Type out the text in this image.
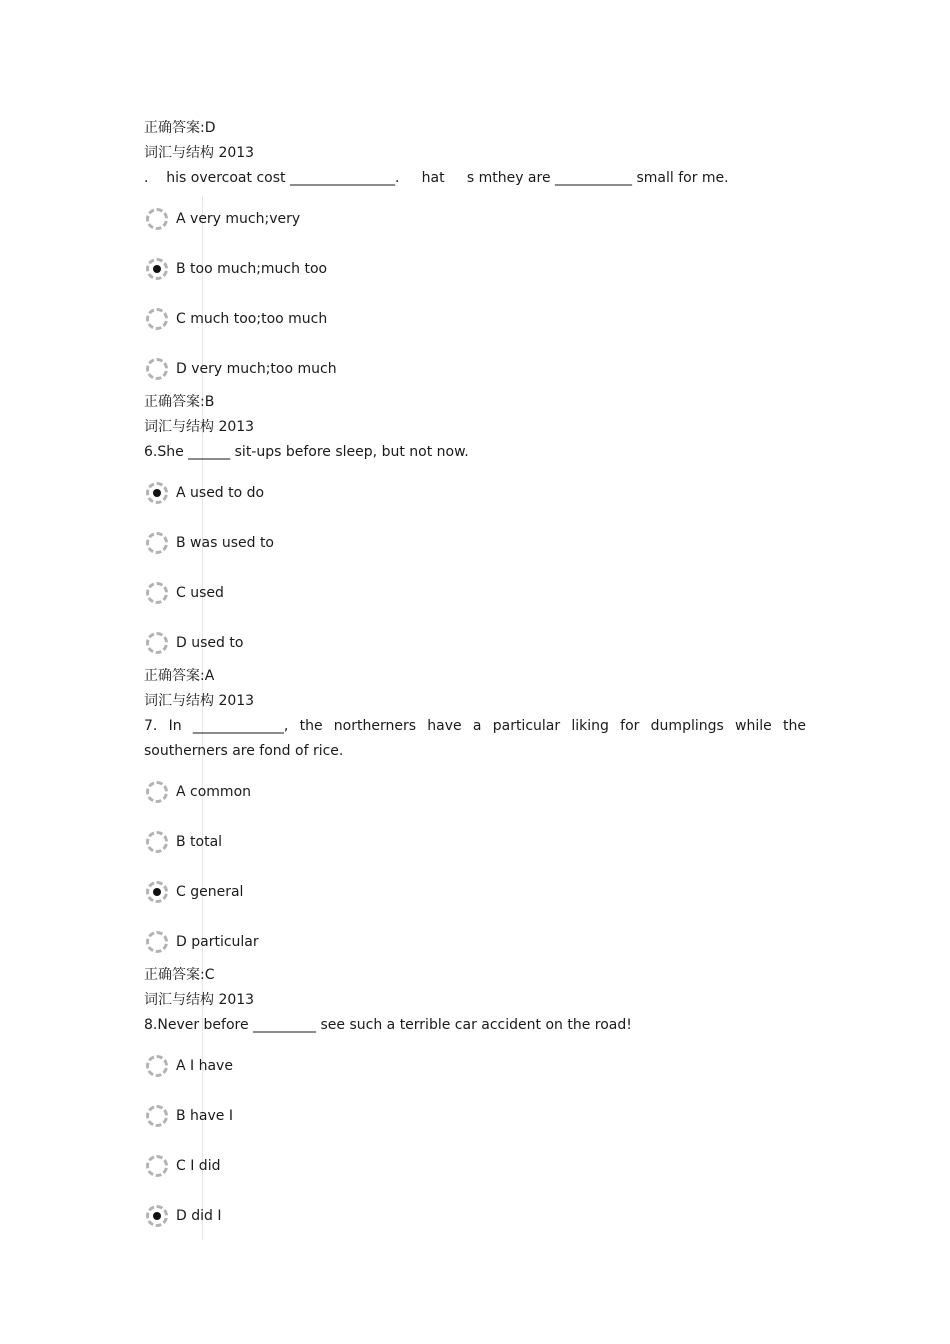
正确答案:D
词汇与结构 2013
.    his overcoat cost _______________.     hat     s mthey are ___________ small for me.
A very much;very
B too much;much too
C much too;too much
D very much;too much
正确答案:B
词汇与结构 2013
6.She ______ sit-ups before sleep, but not now.
A used to do
B was used to
C used
D used to
正确答案:A
词汇与结构 2013
7. In _____________, the northerners have a particular liking for dumplings while the
southerners are fond of rice.
A common
B total
C general
D particular
正确答案:C
词汇与结构 2013
8.Never before _________ see such a terrible car accident on the road!
A I have
B have I
C I did
D did I
